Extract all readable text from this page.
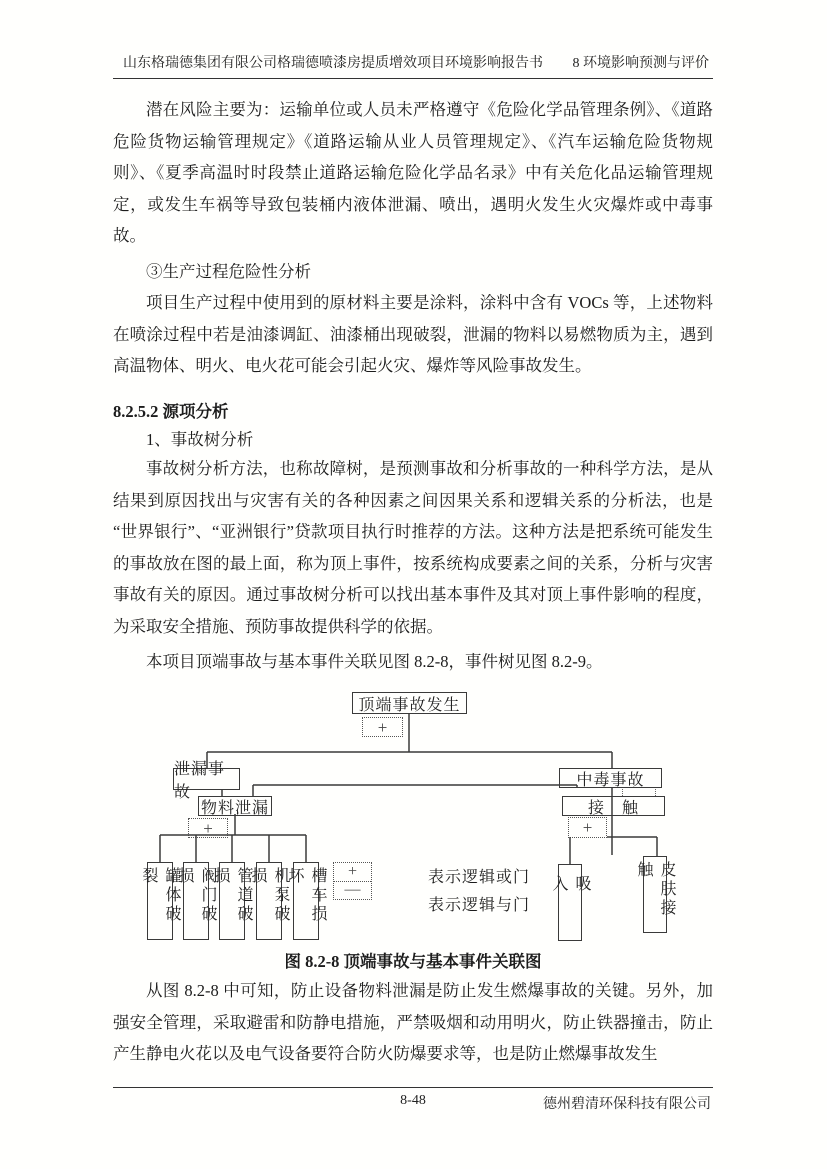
山东格瑞德集团有限公司格瑞德喷漆房提质增效项目环境影响报告书 8 环境影响预测与评价
潜在风险主要为：运输单位或人员未严格遵守《危险化学品管理条例》、《道路危险货物运输管理规定》《道路运输从业人员管理规定》、《汽车运输危险货物规则》、《夏季高温时时段禁止道路运输危险化学品名录》中有关危化品运输管理规定，或发生车祸等导致包装桶内液体泄漏、喷出，遇明火发生火灾爆炸或中毒事故。
③生产过程危险性分析
项目生产过程中使用到的原材料主要是涂料，涂料中含有 VOCs 等，上述物料在喷涂过程中若是油漆调缸、油漆桶出现破裂，泄漏的物料以易燃物质为主，遇到高温物体、明火、电火花可能会引起火灾、爆炸等风险事故发生。
8.2.5.2 源项分析
1、事故树分析
事故树分析方法，也称故障树，是预测事故和分析事故的一种科学方法，是从结果到原因找出与灾害有关的各种因素之间因果关系和逻辑关系的分析法，也是“世界银行”、“亚洲银行”贷款项目执行时推荐的方法。这种方法是把系统可能发生的事故放在图的最上面，称为顶上事件，按系统构成要素之间的关系，分析与灾害事故有关的原因。通过事故树分析可以找出基本事件及其对顶上事件影响的程度，为采取安全措施、预防事故提供科学的依据。
本项目顶端事故与基本事件关联见图 8.2-8，事件树见图 8.2-9。
顶端事故发生
+
泄漏事故
中毒事故
物料泄漏	接　触
+	+
罐体破裂	阀门破损	管道破损	机泵破损	槽车损坏	吸入	皮肤接触
+
—
表示逻辑或门
表示逻辑与门
图 8.2-8 顶端事故与基本事件关联图
从图 8.2-8 中可知，防止设备物料泄漏是防止发生燃爆事故的关键。另外，加强安全管理，采取避雷和防静电措施，严禁吸烟和动用明火，防止铁器撞击，防止产生静电火花以及电气设备要符合防火防爆要求等，也是防止燃爆事故发生
8-48	德州碧清环保科技有限公司
